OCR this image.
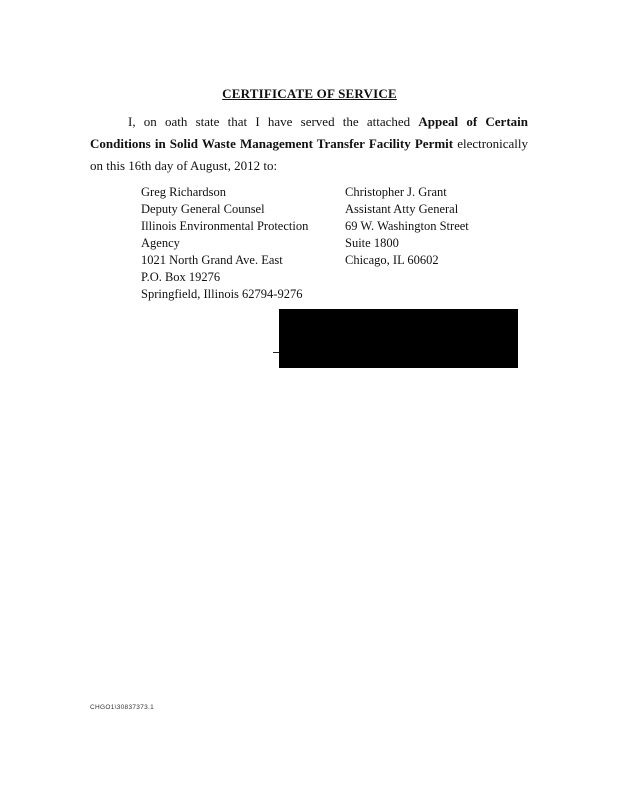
CERTIFICATE OF SERVICE
I, on oath state that I have served the attached Appeal of Certain Conditions in Solid Waste Management Transfer Facility Permit electronically on this 16th day of August, 2012 to:
Greg Richardson
Deputy General Counsel
Illinois Environmental Protection
Agency
1021 North Grand Ave. East
P.O. Box 19276
Springfield, Illinois 62794-9276
Christopher J. Grant
Assistant Atty General
69 W. Washington Street
Suite 1800
Chicago, IL 60602
CHGO1\30837373.1
